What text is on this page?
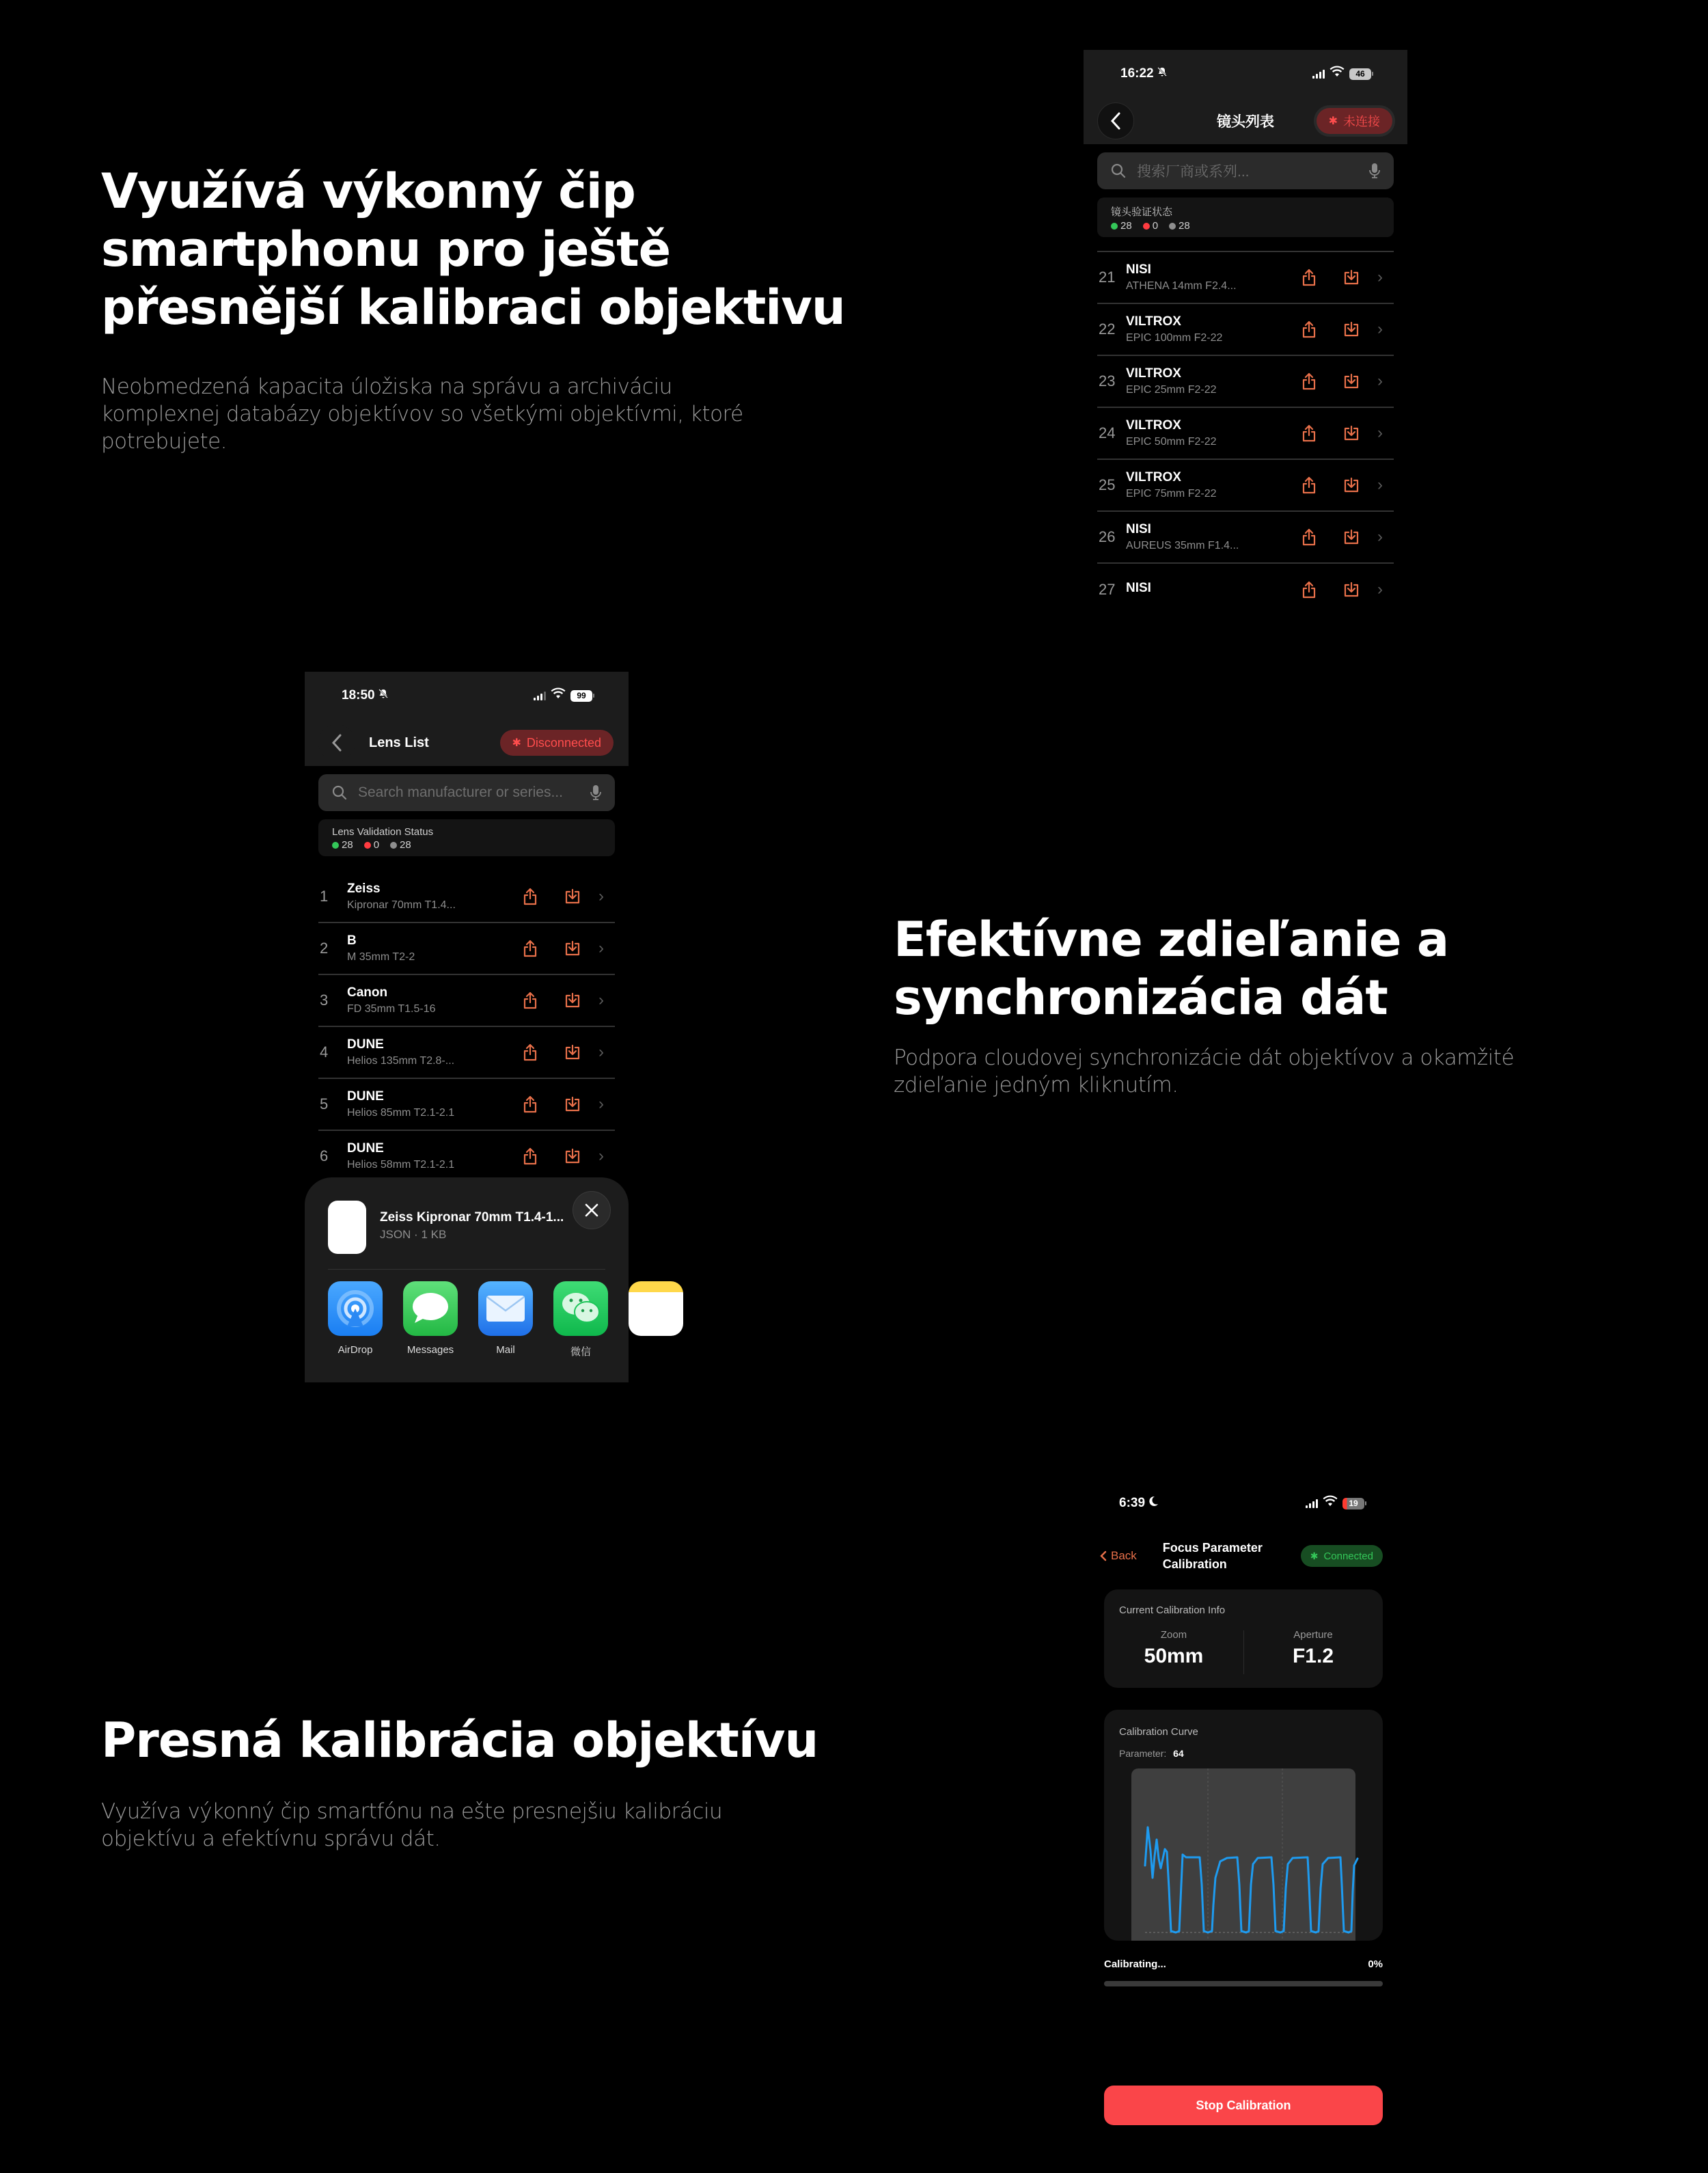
Využívá výkonný čip
smartphonu pro ještě
přesnější kalibraci objektivu
Neobmedzená kapacita úložiska na správu a archiváciu
komplexnej databázy objektívov so všetkými objektívmi, ktoré
potrebujete.
Efektívne zdieľanie a
synchronizácia dát
Podpora cloudovej synchronizácie dát objektívov a okamžité
zdieľanie jedným kliknutím.
Presná kalibrácia objektívu
Využíva výkonný čip smartfónu na ešte presnejšiu kalibráciu
objektívu a efektívnu správu dát.
16:22	46
镜头列表	✱ 未连接
搜索厂商或系列...
镜头验证状态
28	0	28
21 NISI
ATHENA 14mm F2.4...	›
22 VILTROX
EPIC 100mm F2-22	›
23 VILTROX
EPIC 25mm F2-22	›
24 VILTROX
EPIC 50mm F2-22	›
25 VILTROX
EPIC 75mm F2-22	›
26 NISI
AUREUS 35mm F1.4...	›
27 NISI	›
18:50	99
Lens List	✱ Disconnected
Search manufacturer or series...
Lens Validation Status
28	0	28
1	Zeiss
Kipronar 70mm T1.4...	›
2	B
M 35mm T2-2	›
3	Canon
FD 35mm T1.5-16	›
4	DUNE
Helios 135mm T2.8-...	›
5	DUNE
Helios 85mm T2.1-2.1	›
6	DUNE
Helios 58mm T2.1-2.1	›
Zeiss Kipronar 70mm T1.4-1...
JSON · 1 KB
AirDrop	Messages	Mail	微信
6:39	19
Back
Focus Parameter
Calibration
✱ Connected
Current Calibration Info
Zoom
50mm
Aperture
F1.2
Calibration Curve
Parameter: 64
Calibrating...	0%
Stop Calibration
